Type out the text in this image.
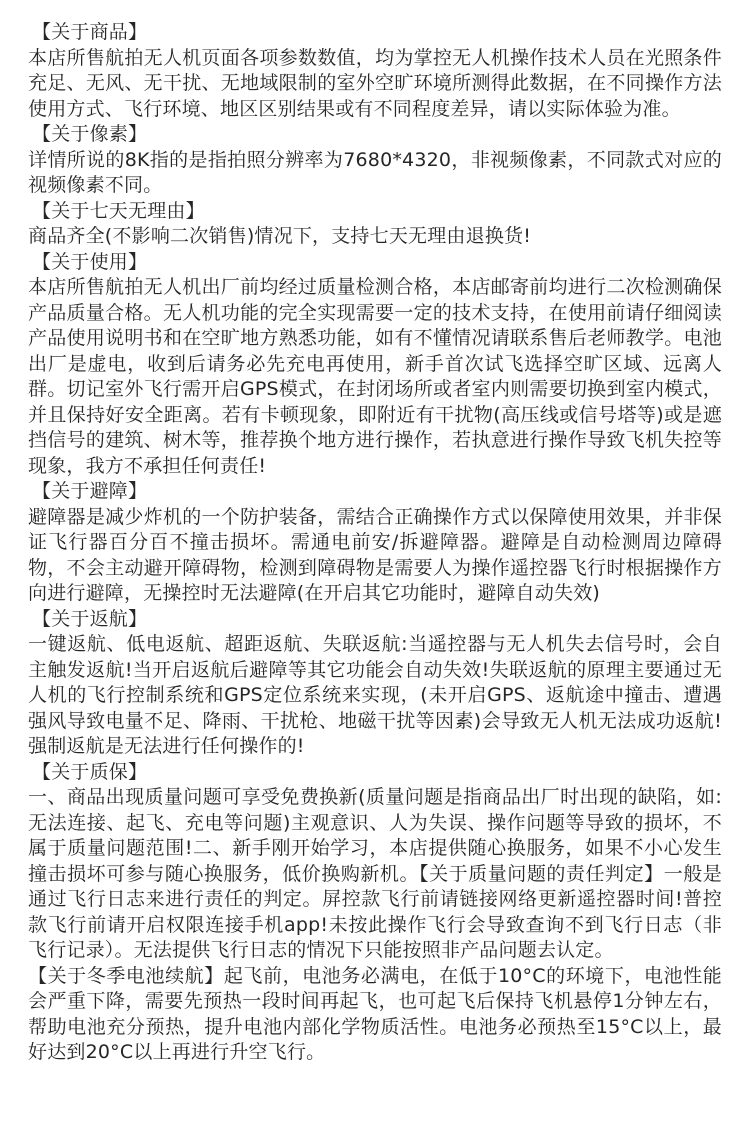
【关于商品】
本店所售航拍无人机页面各项参数数值，均为掌控无人机操作技术人员在光照条件充足、无风、无干扰、无地域限制的室外空旷环境所测得此数据，在不同操作方法使用方式、飞行环境、地区区别结果或有不同程度差异，请以实际体验为准。
【关于像素】
详情所说的8K指的是指拍照分辨率为7680*4320，非视频像素，不同款式对应的视频像素不同。
【关于七天无理由】
商品齐全(不影响二次销售)情况下，支持七天无理由退换货!
【关于使用】
本店所售航拍无人机出厂前均经过质量检测合格，本店邮寄前均进行二次检测确保产品质量合格。无人机功能的完全实现需要一定的技术支持，在使用前请仔细阅读产品使用说明书和在空旷地方熟悉功能，如有不懂情况请联系售后老师教学。电池出厂是虚电，收到后请务必先充电再使用，新手首次试飞选择空旷区域、远离人群。切记室外飞行需开启GPS模式，在封闭场所或者室内则需要切换到室内模式，并且保持好安全距离。若有卡顿现象，即附近有干扰物(高压线或信号塔等)或是遮挡信号的建筑、树木等，推荐换个地方进行操作，若执意进行操作导致飞机失控等现象，我方不承担任何责任!
【关于避障】
避障器是减少炸机的一个防护装备，需结合正确操作方式以保障使用效果，并非保证飞行器百分百不撞击损坏。需通电前安/拆避障器。避障是自动检测周边障碍物，不会主动避开障碍物，检测到障碍物是需要人为操作遥控器飞行时根据操作方向进行避障，无操控时无法避障(在开启其它功能时，避障自动失效)
【关于返航】
一键返航、低电返航、超距返航、失联返航:当遥控器与无人机失去信号时，会自主触发返航!当开启返航后避障等其它功能会自动失效!失联返航的原理主要通过无人机的飞行控制系统和GPS定位系统来实现，(未开启GPS、返航途中撞击、遭遇强风导致电量不足、降雨、干扰枪、地磁干扰等因素)会导致无人机无法成功返航!强制返航是无法进行任何操作的!
【关于质保】
一、商品出现质量问题可享受免费换新(质量问题是指商品出厂时出现的缺陷，如:无法连接、起飞、充电等问题)主观意识、人为失误、操作问题等导致的损坏，不属于质量问题范围!二、新手刚开始学习，本店提供随心换服务，如果不小心发生撞击损坏可参与随心换服务，低价换购新机。【关于质量问题的责任判定】一般是通过飞行日志来进行责任的判定。屏控款飞行前请链接网络更新遥控器时间!普控款飞行前请开启权限连接手机app!未按此操作飞行会导致查询不到飞行日志（非飞行记录）。无法提供飞行日志的情况下只能按照非产品问题去认定。
【关于冬季电池续航】起飞前，电池务必满电，在低于10°C的环境下，电池性能会严重下降，需要先预热一段时间再起飞，也可起飞后保持飞机悬停1分钟左右，帮助电池充分预热，提升电池内部化学物质活性。电池务必预热至15°C以上，最好达到20°C以上再进行升空飞行。
